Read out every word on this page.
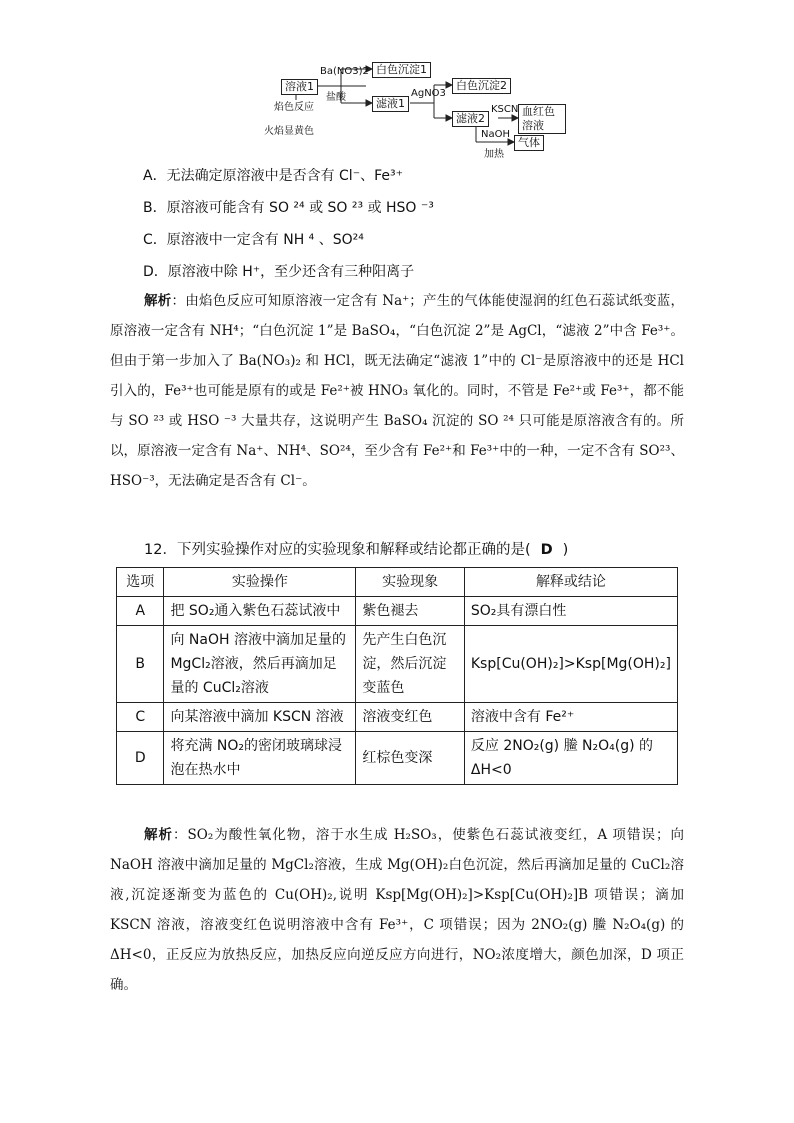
溶液1
Ba(NO3)2
盐酸
白色沉淀1
滤液1
AgNO3
白色沉淀2
滤液2
KSCN 血红色溶液
NaOH
加热
气体
焰色反应
火焰显黄色
A．无法确定原溶液中是否含有 Cl⁻、Fe³⁺
B．原溶液可能含有 SO ²⁴ 或 SO ²³ 或 HSO ⁻³
C．原溶液中一定含有 NH ⁴ 、SO²⁴
D．原溶液中除 H⁺，至少还含有三种阳离子

解析：由焰色反应可知原溶液一定含有 Na⁺；产生的气体能使湿润的红色石蕊试纸变蓝，原溶液一定含有 NH⁴；“白色沉淀 1”是 BaSO₄，“白色沉淀 2”是 AgCl，“滤液 2”中含 Fe³⁺。但由于第一步加入了 Ba(NO₃)₂ 和 HCl，既无法确定“滤液 1”中的 Cl⁻是原溶液中的还是 HCl 引入的，Fe³⁺也可能是原有的或是 Fe²⁺被 HNO₃ 氧化的。同时，不管是 Fe²⁺或 Fe³⁺，都不能与 SO ²³ 或 HSO ⁻³ 大量共存，这说明产生 BaSO₄ 沉淀的 SO ²⁴ 只可能是原溶液含有的。所以，原溶液一定含有 Na⁺、NH⁴、SO²⁴，至少含有 Fe²⁺和 Fe³⁺中的一种，一定不含有 SO²³、HSO⁻³，无法确定是否含有 Cl⁻。

12．下列实验操作对应的实验现象和解释或结论都正确的是( D )
选项	实验操作	实验现象	解释或结论
A	把 SO₂通入紫色石蕊试液中	紫色褪去	SO₂具有漂白性
B	向 NaOH 溶液中滴加足量的 MgCl₂溶液，然后再滴加足量的 CuCl₂溶液	先产生白色沉淀，然后沉淀变蓝色	Ksp[Cu(OH)₂]>Ksp[Mg(OH)₂]
C	向某溶液中滴加 KSCN 溶液	溶液变红色	溶液中含有 Fe²⁺
D	将充满 NO₂的密闭玻璃球浸泡在热水中	红棕色变深	反应 2NO₂(g) 䲢 N₂O₄(g) 的 ΔH<0

解析：SO₂为酸性氧化物，溶于水生成 H₂SO₃，使紫色石蕊试液变红，A 项错误；向 NaOH 溶液中滴加足量的 MgCl₂溶液，生成 Mg(OH)₂白色沉淀，然后再滴加足量的 CuCl₂溶液,沉淀逐渐变为蓝色的 Cu(OH)₂,说明 Ksp[Mg(OH)₂]>Ksp[Cu(OH)₂]B 项错误；滴加 KSCN 溶液，溶液变红色说明溶液中含有 Fe³⁺，C 项错误；因为 2NO₂(g) 䲢 N₂O₄(g) 的 ΔH<0，正反应为放热反应，加热反应向逆反应方向进行，NO₂浓度增大，颜色加深，D 项正确。
